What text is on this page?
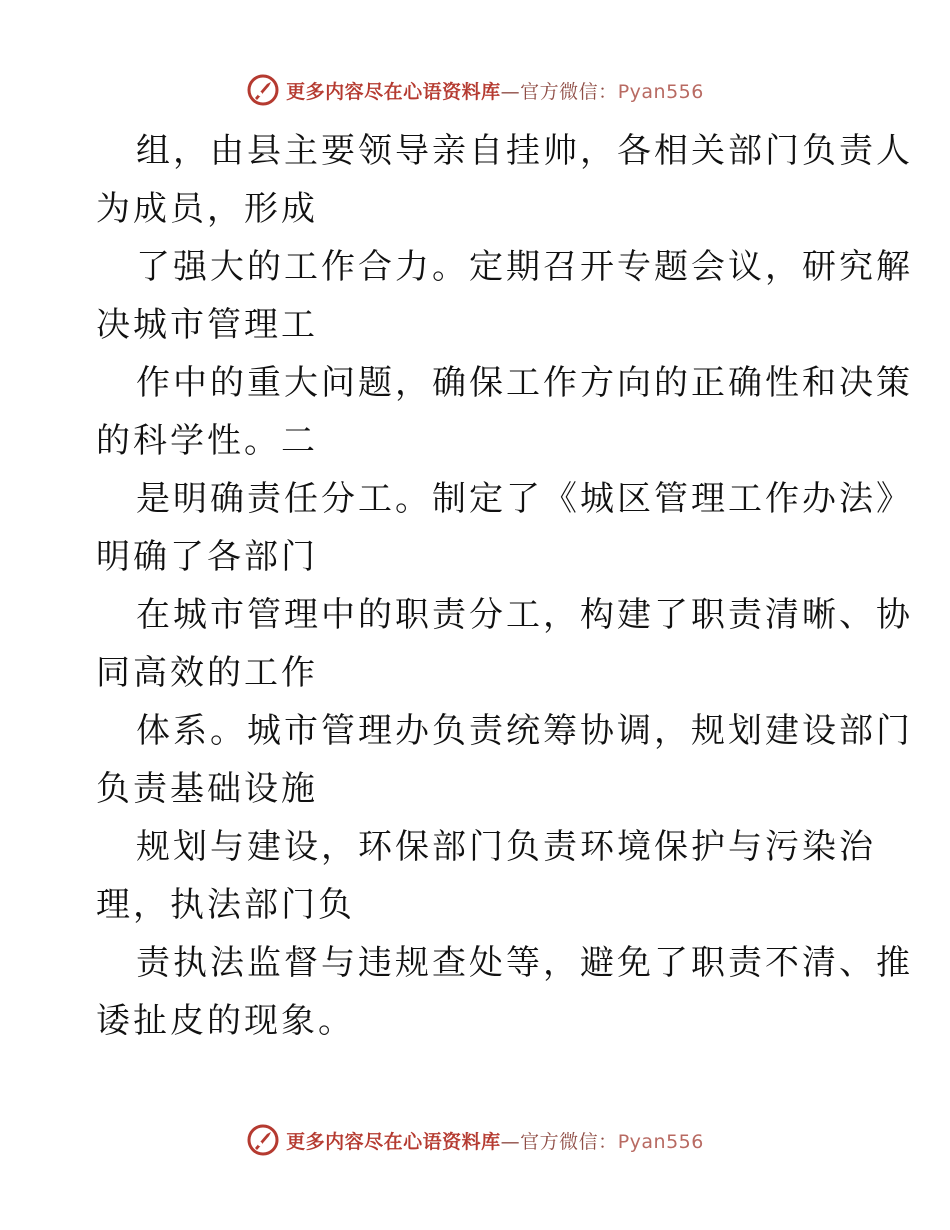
更多内容尽在心语资料库—官方微信：Pyan556
组，由县主要领导亲自挂帅，各相关部门负责人
为成员，形成
了强大的工作合力。定期召开专题会议，研究解
决城市管理工
作中的重大问题，确保工作方向的正确性和决策
的科学性。二
是明确责任分工。制定了《城区管理工作办法》
明确了各部门
在城市管理中的职责分工，构建了职责清晰、协
同高效的工作
体系。城市管理办负责统筹协调，规划建设部门
负责基础设施
规划与建设，环保部门负责环境保护与污染治
理，执法部门负
责执法监督与违规查处等，避免了职责不清、推
诿扯皮的现象。
更多内容尽在心语资料库—官方微信：Pyan556
